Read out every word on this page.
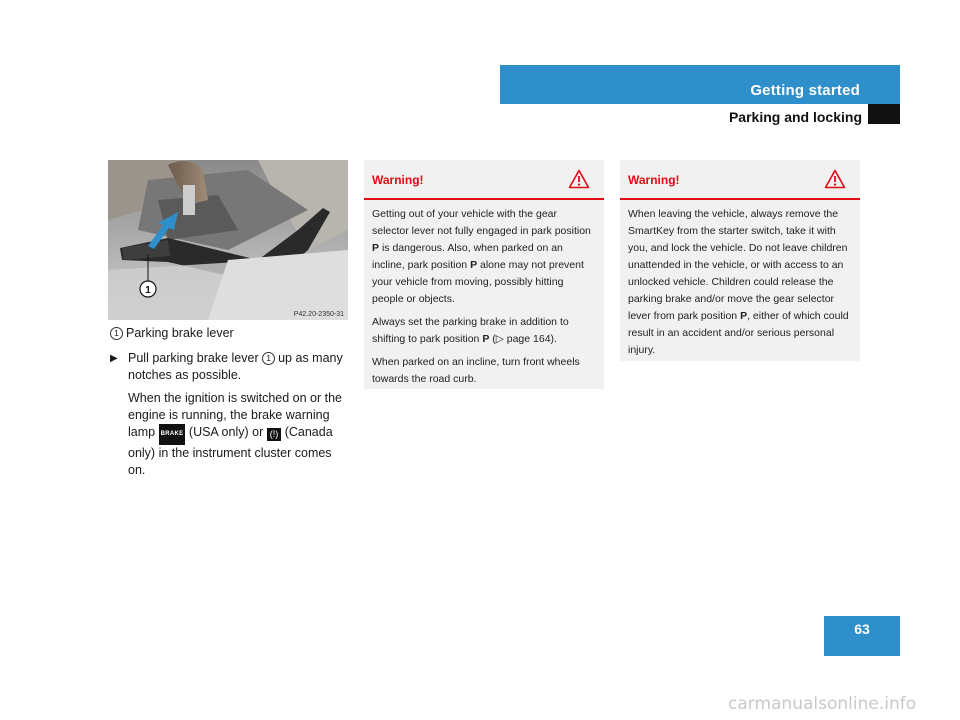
Getting started
Parking and locking
1
P42.20-2350-31
1 Parking brake lever
▶ Pull parking brake lever 1 up as many notches as possible.
When the ignition is switched on or the engine is running, the brake warning lamp BRAKE (USA only) or (!) (Canada only) in the instrument cluster comes on.
Warning!

Getting out of your vehicle with the gear selector lever not fully engaged in park position P is dangerous. Also, when parked on an incline, park position P alone may not prevent your vehicle from moving, possibly hitting people or objects.

Always set the parking brake in addition to shifting to park position P (▷ page 164).

When parked on an incline, turn front wheels towards the road curb.

Warning!

When leaving the vehicle, always remove the SmartKey from the starter switch, take it with you, and lock the vehicle. Do not leave children unattended in the vehicle, or with access to an unlocked vehicle. Children could release the parking brake and/or move the gear selector lever from park position P, either of which could result in an accident and/or serious personal injury.

63
carmanualsonline.info
